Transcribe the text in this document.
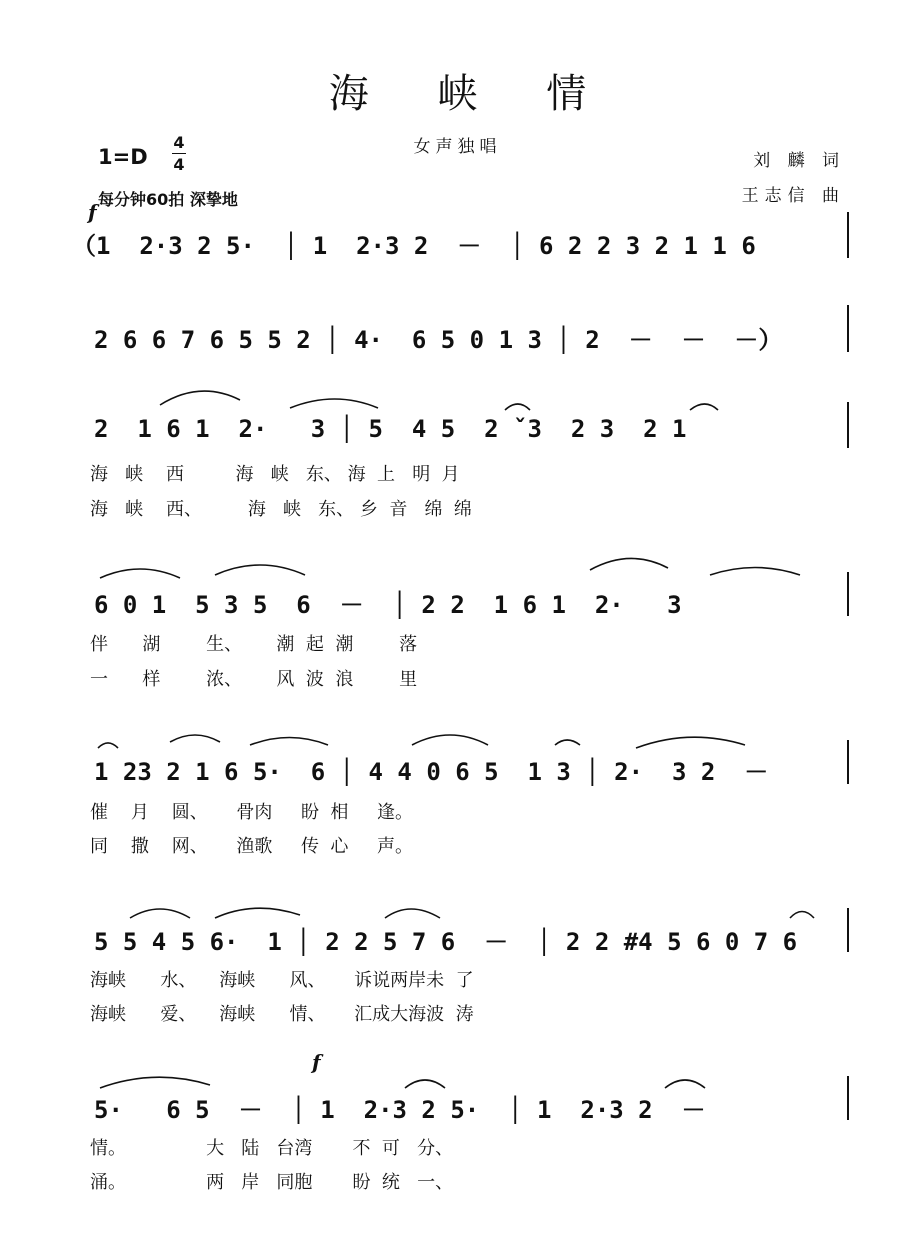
海 峡 情
女声独唱
1=D
4
4
每分钟60拍 深挚地
刘 麟 词
王志信 曲
f
f
（1  2·3 2 5·  │ 1  2·3 2  －  │ 6 2 2 3 2 1 1 6
2 6 6 7 6 5 5 2 │ 4·  6 5 0 1 3 │ 2  －  －  －）
2  1 6 1  2·   3 │ 5  4 5  2 ˇ3  2 3  2 1
海   峡    西         海   峡   东、 海  上   明  月
海   峡    西、        海   峡   东、 乡  音   绵  绵
6 0 1  5 3 5  6  －  │ 2 2  1 6 1  2·   3
伴      湖        生、      潮  起  潮        落
一      样        浓、      风  波  浪        里
1 23 2 1 6 5·  6 │ 4 4 0 6 5  1 3 │ 2·  3 2  －
催    月    圆、     骨肉     盼  相     逢。
同    撒    网、     渔歌     传  心     声。
5 5 4 5 6·  1 │ 2 2 5 7 6  －  │ 2 2 #4 5 6 0 7 6
海峡      水、    海峡      风、     诉说两岸未  了
海峡      爱、    海峡      情、     汇成大海波  涛
5·   6 5  －  │ 1  2·3 2 5·  │ 1  2·3 2  －
情。              大   陆   台湾       不  可   分、
涌。              两   岸   同胞       盼  统   一、
